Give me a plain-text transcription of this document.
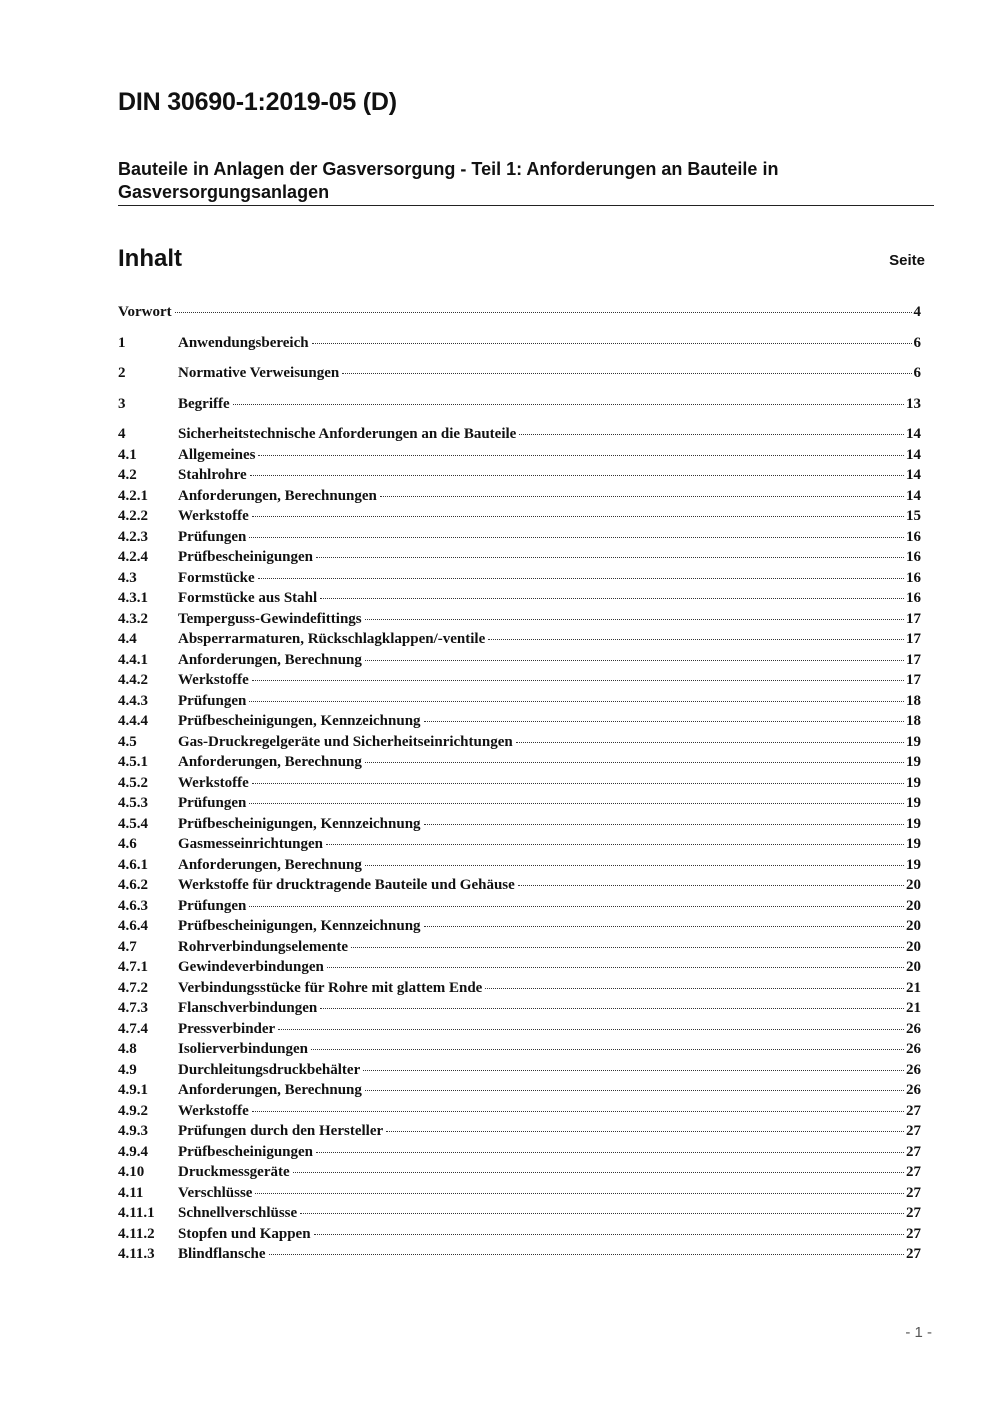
DIN 30690-1:2019-05 (D)
Bauteile in Anlagen der Gasversorgung - Teil 1: Anforderungen an Bauteile in Gasversorgungsanlagen
Inhalt	Seite
Vorwort	4
1	Anwendungsbereich	6
2	Normative Verweisungen	6
3	Begriffe	13
4	Sicherheitstechnische Anforderungen an die Bauteile	14
4.1	Allgemeines	14
4.2	Stahlrohre	14
4.2.1	Anforderungen, Berechnungen	14
4.2.2	Werkstoffe	15
4.2.3	Prüfungen	16
4.2.4	Prüfbescheinigungen	16
4.3	Formstücke	16
4.3.1	Formstücke aus Stahl	16
4.3.2	Temperguss-Gewindefittings	17
4.4	Absperrarmaturen, Rückschlagklappen/-ventile	17
4.4.1	Anforderungen, Berechnung	17
4.4.2	Werkstoffe	17
4.4.3	Prüfungen	18
4.4.4	Prüfbescheinigungen, Kennzeichnung	18
4.5	Gas-Druckregelgeräte und Sicherheitseinrichtungen	19
4.5.1	Anforderungen, Berechnung	19
4.5.2	Werkstoffe	19
4.5.3	Prüfungen	19
4.5.4	Prüfbescheinigungen, Kennzeichnung	19
4.6	Gasmesseinrichtungen	19
4.6.1	Anforderungen, Berechnung	19
4.6.2	Werkstoffe für drucktragende Bauteile und Gehäuse	20
4.6.3	Prüfungen	20
4.6.4	Prüfbescheinigungen, Kennzeichnung	20
4.7	Rohrverbindungselemente	20
4.7.1	Gewindeverbindungen	20
4.7.2	Verbindungsstücke für Rohre mit glattem Ende	21
4.7.3	Flanschverbindungen	21
4.7.4	Pressverbinder	26
4.8	Isolierverbindungen	26
4.9	Durchleitungsdruckbehälter	26
4.9.1	Anforderungen, Berechnung	26
4.9.2	Werkstoffe	27
4.9.3	Prüfungen durch den Hersteller	27
4.9.4	Prüfbescheinigungen	27
4.10	Druckmessgeräte	27
4.11	Verschlüsse	27
4.11.1	Schnellverschlüsse	27
4.11.2	Stopfen und Kappen	27
4.11.3	Blindflansche	27
- 1 -
